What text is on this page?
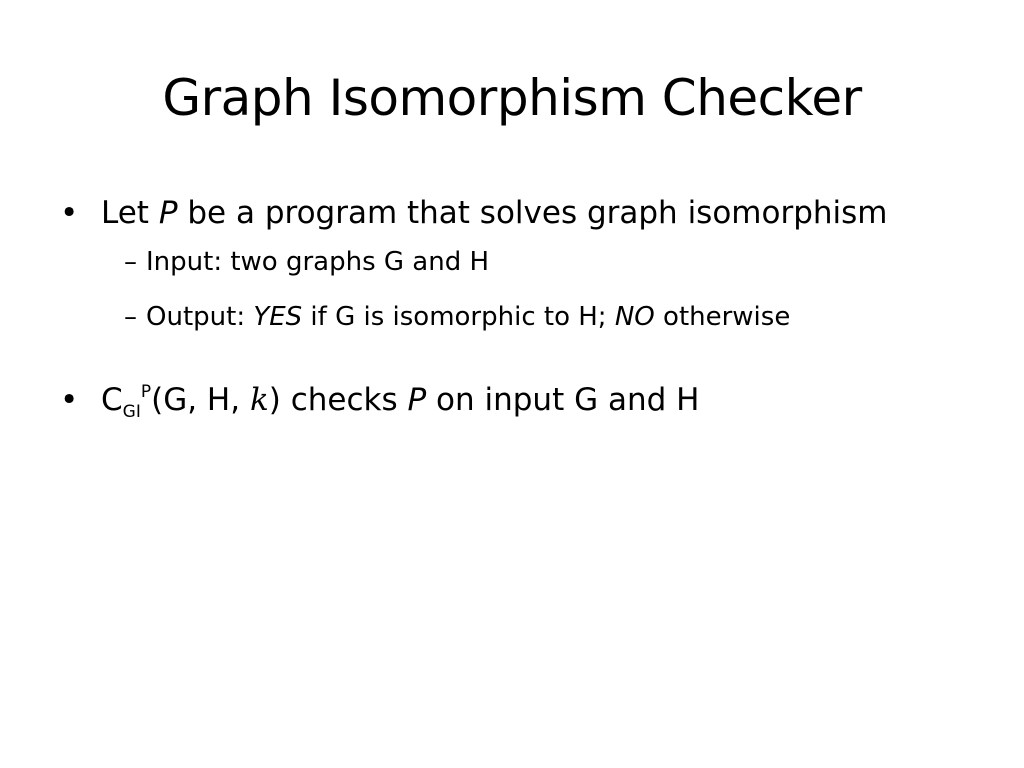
Graph Isomorphism Checker
• Let P be a program that solves graph isomorphism
– Input: two graphs G and H
– Output: YES if G is isomorphic to H; NO otherwise
• $C_{GI}^P(G$, H, k) checks P on input G and H
